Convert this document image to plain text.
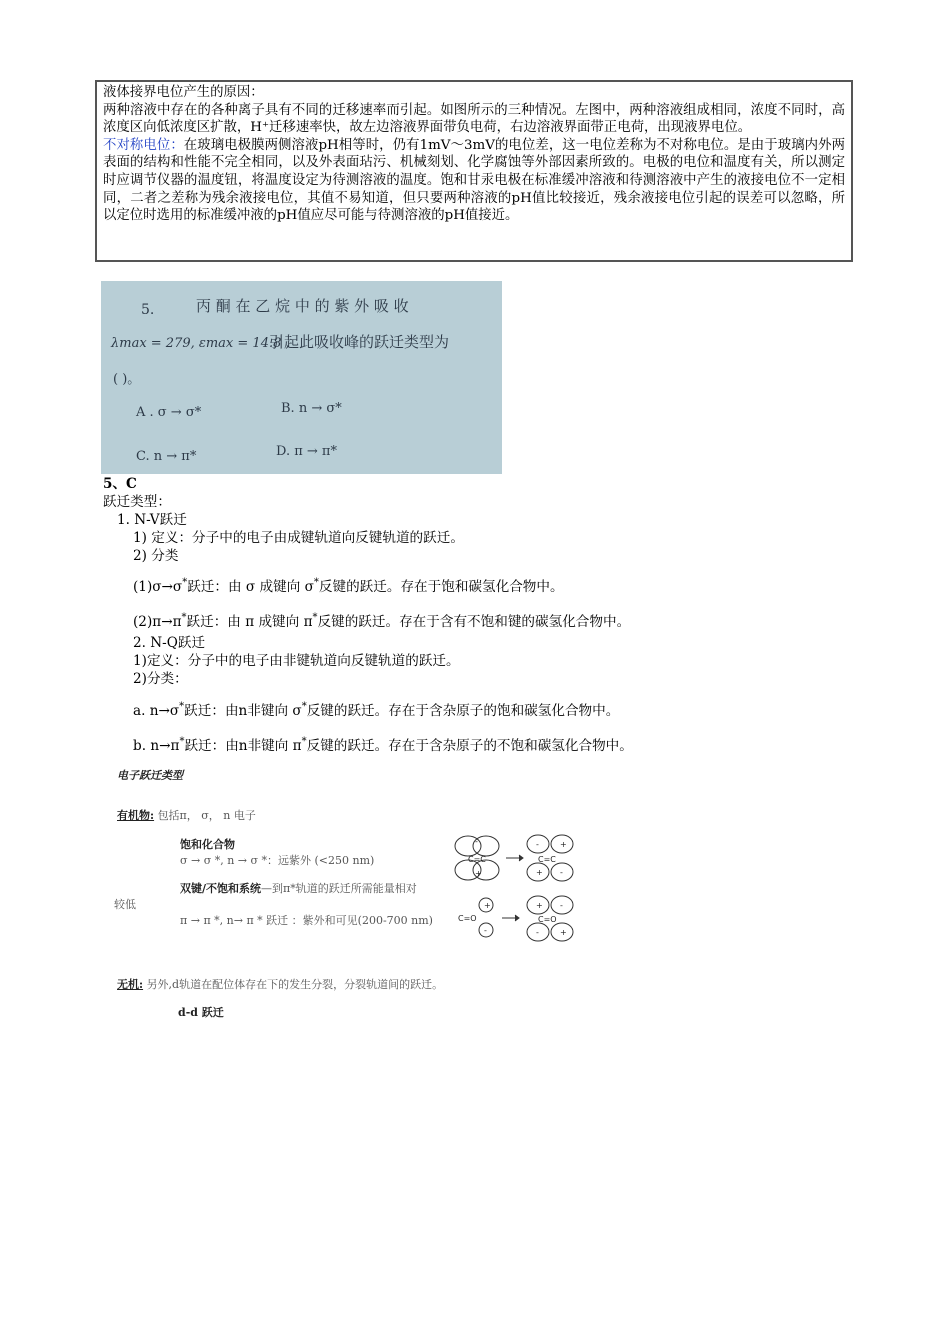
液体接界电位产生的原因：

两种溶液中存在的各种离子具有不同的迁移速率而引起。如图所示的三种情况。左图中，两种溶液组成相同，浓度不同时，高浓度区向低浓度区扩散，H⁺迁移速率快，故左边溶液界面带负电荷，右边溶液界面带正电荷，出现液界电位。

不对称电位：在玻璃电极膜两侧溶液pH相等时，仍有1mV～3mV的电位差，这一电位差称为不对称电位。是由于玻璃内外两表面的结构和性能不完全相同，以及外表面玷污、机械刻划、化学腐蚀等外部因素所致的。电极的电位和温度有关，所以测定时应调节仪器的温度钮，将温度设定为待测溶液的温度。饱和甘汞电极在标准缓冲溶液和待测溶液中产生的液接电位不一定相同，二者之差称为残余液接电位，其值不易知道，但只要两种溶液的pH值比较接近，残余液接电位引起的误差可以忽略，所以定位时选用的标准缓冲液的pH值应尽可能与待测溶液的pH值接近。

5.	丙 酮 在 乙 烷 中 的 紫 外 吸 收
λmax = 279, εmax = 14.8 ,
引起此吸收峰的跃迁类型为
( )。
A . σ → σ*	B. n → σ*
C. n → π*	D. π → π*
5、C
跃迁类型：
1. N-V跃迁
1) 定义：分子中的电子由成键轨道向反键轨道的跃迁。
2) 分类
(1)σ→σ*跃迁：由 σ 成键向 σ*反键的跃迁。存在于饱和碳氢化合物中。
(2)π→π*跃迁：由 π 成键向 π*反键的跃迁。存在于含有不饱和键的碳氢化合物中。
2. N-Q跃迁
1)定义：分子中的电子由非键轨道向反键轨道的跃迁。
2)分类：
a. n→σ*跃迁：由n非键向 σ*反键的跃迁。存在于含杂原子的饱和碳氢化合物中。
b. n→π*跃迁：由n非键向 π*反键的跃迁。存在于含杂原子的不饱和碳氢化合物中。
电子跃迁类型
有机物: 包括π， σ， n 电子
饱和化合物
σ → σ *, n → σ *：远紫外 (<250 nm)
双键/不饱和系统—到π*轨道的跃迁所需能量相对
较低
π → π *, n→ π * 跃迁 ：紫外和可见(200-700 nm)
C=C
-
+
C=C
-	+
+ -
C=O
+
-
C=O
+ -
-	+
无机: 另外,d轨道在配位体存在下的发生分裂，分裂轨道间的跃迁。
d-d 跃迁
